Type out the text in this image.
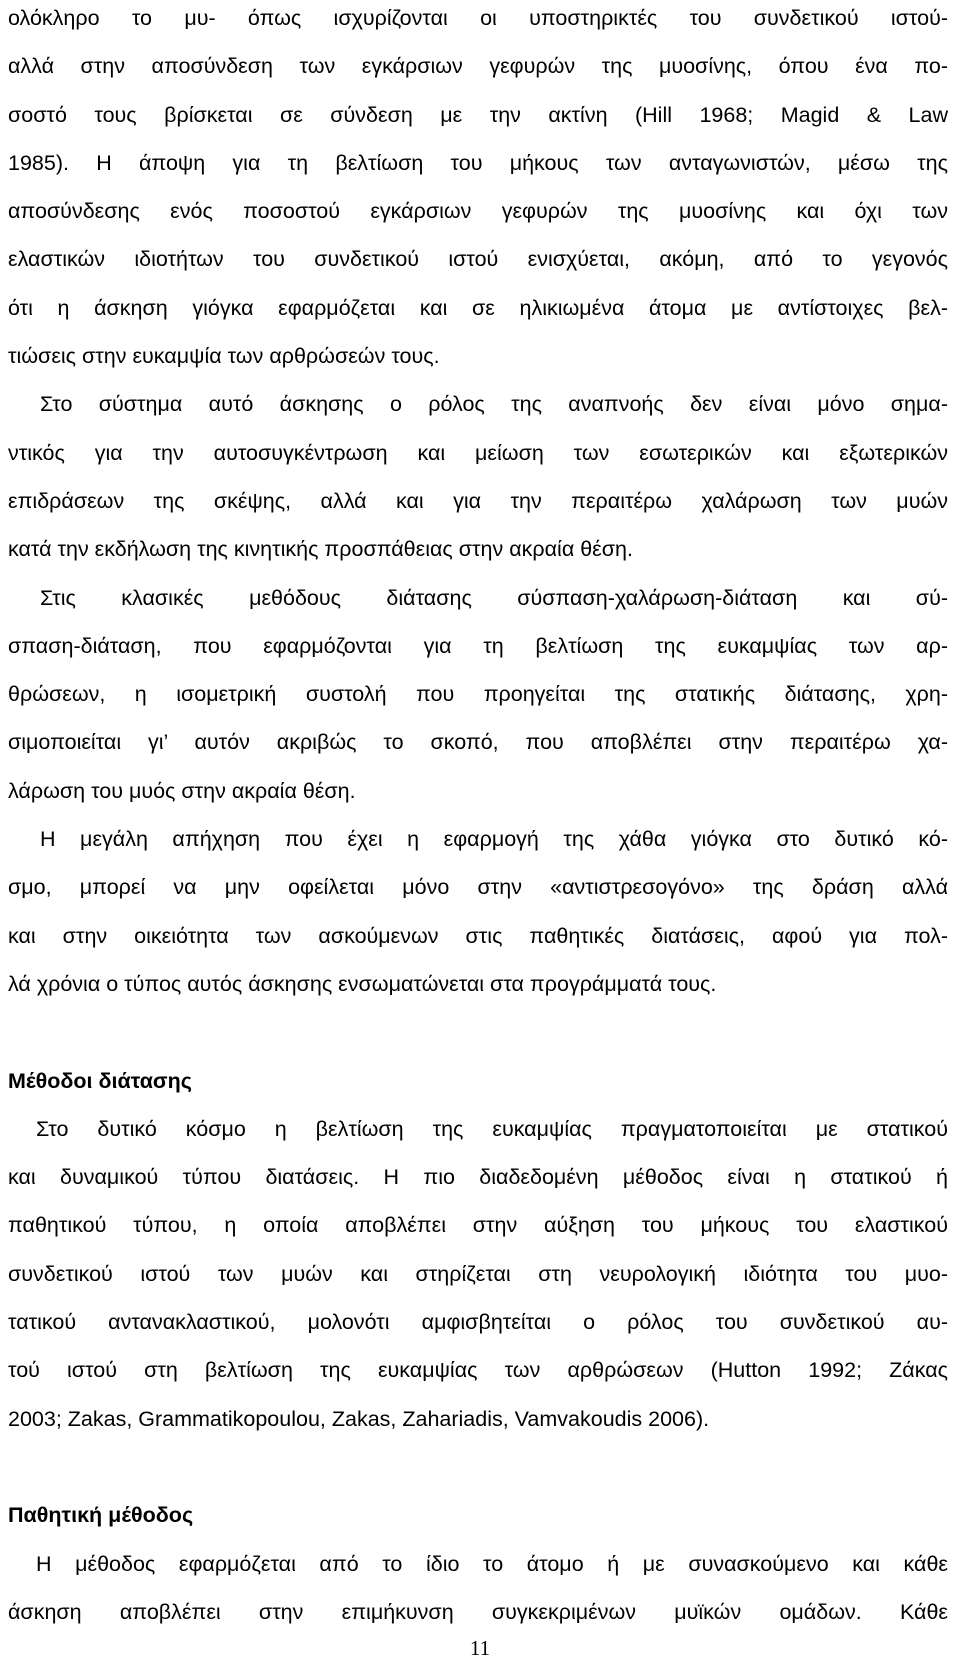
ολόκληρο το μυ- όπως ισχυρίζονται οι υποστηρικτές του συνδετικού ιστού-
αλλά στην αποσύνδεση των εγκάρσιων γεφυρών της μυοσίνης, όπου ένα πο-
σοστό τους βρίσκεται σε σύνδεση με την ακτίνη (Hill 1968; Magid & Law
1985). Η άποψη για τη βελτίωση του μήκους των ανταγωνιστών, μέσω της
αποσύνδεσης ενός ποσοστού εγκάρσιων γεφυρών της μυοσίνης και όχι των
ελαστικών ιδιοτήτων του συνδετικού ιστού ενισχύεται, ακόμη, από το γεγονός
ότι η άσκηση γιόγκα εφαρμόζεται και σε ηλικιωμένα άτομα με αντίστοιχες βελ-
τιώσεις στην ευκαμψία των αρθρώσεών τους.
Στο σύστημα αυτό άσκησης ο ρόλος της αναπνοής δεν είναι μόνο σημα-
ντικός για την αυτοσυγκέντρωση και μείωση των εσωτερικών και εξωτερικών
επιδράσεων της σκέψης, αλλά και για την περαιτέρω χαλάρωση των μυών
κατά την εκδήλωση της κινητικής προσπάθειας στην ακραία θέση.
Στις κλασικές μεθόδους διάτασης σύσπαση-χαλάρωση-διάταση και σύ-
σπαση-διάταση, που εφαρμόζονται για τη βελτίωση της ευκαμψίας των αρ-
θρώσεων, η ισομετρική συστολή που προηγείται της στατικής διάτασης, χρη-
σιμοποιείται γι’ αυτόν ακριβώς το σκοπό, που αποβλέπει στην περαιτέρω χα-
λάρωση του μυός στην ακραία θέση.
Η μεγάλη απήχηση που έχει η εφαρμογή της χάθα γιόγκα στο δυτικό κό-
σμο, μπορεί να μην οφείλεται μόνο στην «αντιστρεσογόνο» της δράση αλλά
και στην οικειότητα των ασκούμενων στις παθητικές διατάσεις, αφού για πολ-
λά χρόνια ο τύπος αυτός άσκησης ενσωματώνεται στα προγράμματά τους.
Μέθοδοι διάτασης
Στο δυτικό κόσμο η βελτίωση της ευκαμψίας πραγματοποιείται με στατικού
και δυναμικού τύπου διατάσεις. Η πιο διαδεδομένη μέθοδος είναι η στατικού ή
παθητικού τύπου, η οποία αποβλέπει στην αύξηση του μήκους του ελαστικού
συνδετικού ιστού των μυών και στηρίζεται στη νευρολογική ιδιότητα του μυο-
τατικού αντανακλαστικού, μολονότι αμφισβητείται ο ρόλος του συνδετικού αυ-
τού ιστού στη βελτίωση της ευκαμψίας των αρθρώσεων (Hutton 1992; Ζάκας
2003; Zakas, Grammatikopoulou, Zakas, Zahariadis, Vamvakoudis 2006).
Παθητική μέθοδος
Η μέθοδος εφαρμόζεται από το ίδιο το άτομο ή με συνασκούμενο και κάθε
άσκηση αποβλέπει στην επιμήκυνση συγκεκριμένων μυϊκών ομάδων. Κάθε
11
